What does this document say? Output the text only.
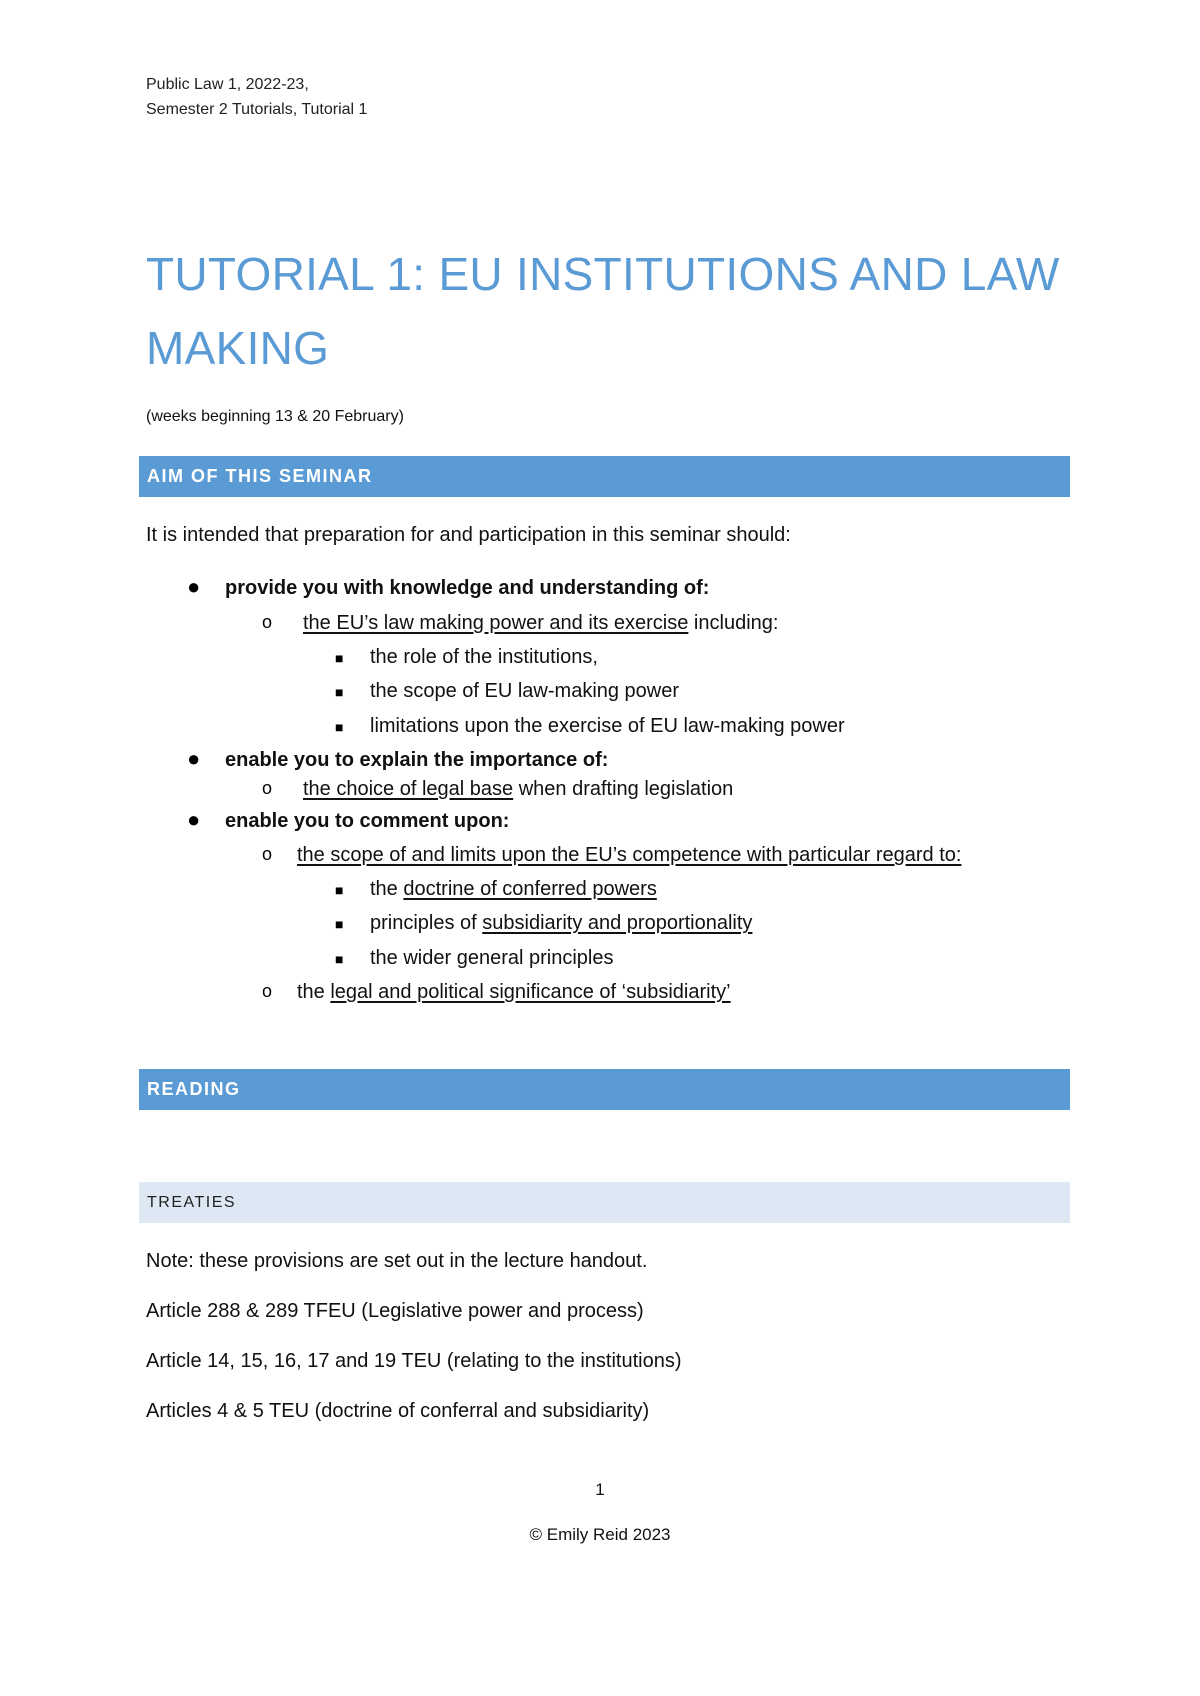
Public Law 1, 2022-23,
Semester 2 Tutorials, Tutorial 1
TUTORIAL 1: EU INSTITUTIONS AND LAW MAKING
(weeks beginning 13 & 20 February)
AIM OF THIS SEMINAR
It is intended that preparation for and participation in this seminar should:
● provide you with knowledge and understanding of:
o the EU’s law making power and its exercise including:
■ the role of the institutions,
■ the scope of EU law-making power
■ limitations upon the exercise of EU law-making power
● enable you to explain the importance of:
o the choice of legal base when drafting legislation
● enable you to comment upon:
o the scope of and limits upon the EU’s competence with particular regard to:
■ the doctrine of conferred powers
■ principles of subsidiarity and proportionality
■ the wider general principles
o the legal and political significance of ‘subsidiarity’
READING
TREATIES
Note: these provisions are set out in the lecture handout.
Article 288 & 289 TFEU (Legislative power and process)
Article 14, 15, 16, 17 and 19 TEU (relating to the institutions)
Articles 4 & 5 TEU (doctrine of conferral and subsidiarity)
1
© Emily Reid 2023
